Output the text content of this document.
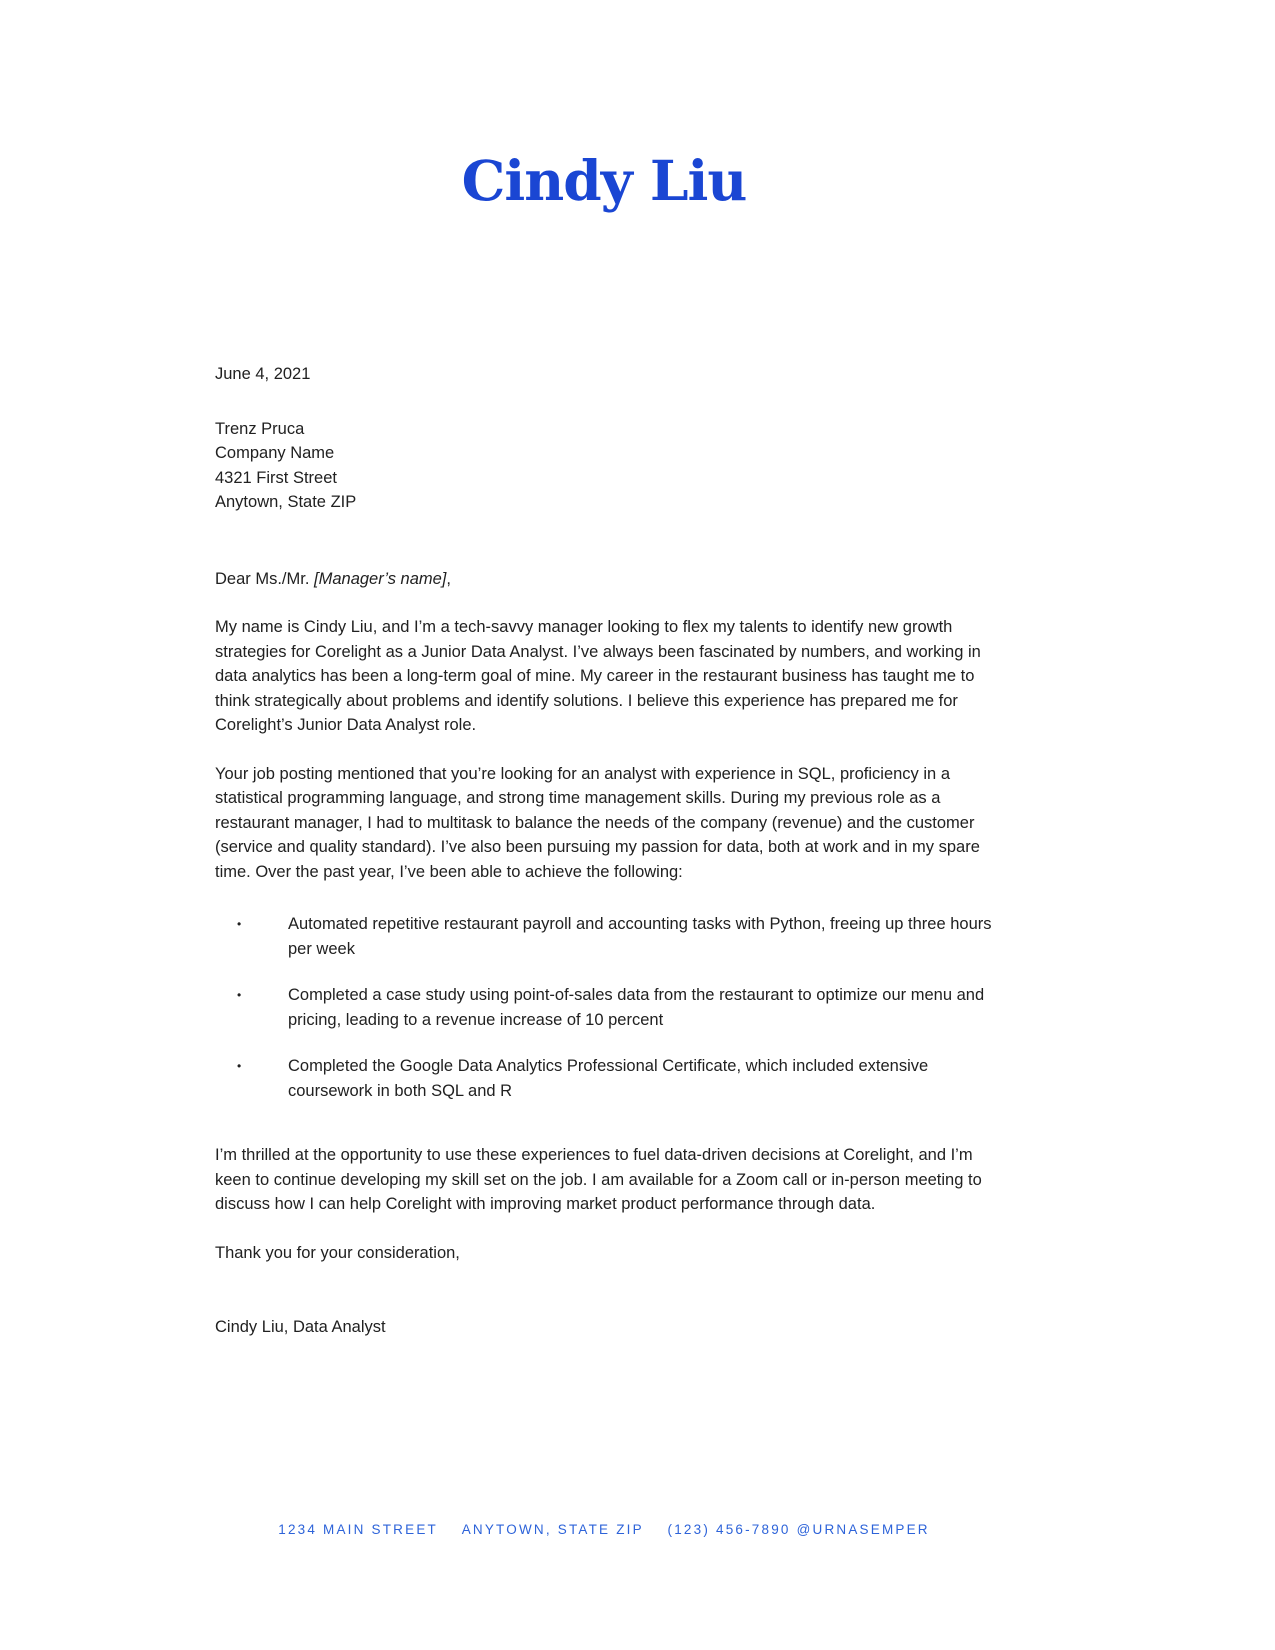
Cindy Liu

June 4, 2021

Trenz Pruca
Company Name
4321 First Street
Anytown, State ZIP

Dear Ms./Mr. [Manager’s name],

My name is Cindy Liu, and I’m a tech-savvy manager looking to flex my talents to identify new growth strategies for Corelight as a Junior Data Analyst. I’ve always been fascinated by numbers, and working in data analytics has been a long-term goal of mine. My career in the restaurant business has taught me to think strategically about problems and identify solutions. I believe this experience has prepared me for Corelight’s Junior Data Analyst role.

Your job posting mentioned that you’re looking for an analyst with experience in SQL, proficiency in a statistical programming language, and strong time management skills. During my previous role as a restaurant manager, I had to multitask to balance the needs of the company (revenue) and the customer (service and quality standard). I’ve also been pursuing my passion for data, both at work and in my spare time. Over the past year, I’ve been able to achieve the following:

•	Automated repetitive restaurant payroll and accounting tasks with Python, freeing up three hours per week
•	Completed a case study using point-of-sales data from the restaurant to optimize our menu and pricing, leading to a revenue increase of 10 percent
•	Completed the Google Data Analytics Professional Certificate, which included extensive coursework in both SQL and R

I’m thrilled at the opportunity to use these experiences to fuel data-driven decisions at Corelight, and I’m keen to continue developing my skill set on the job. I am available for a Zoom call or in-person meeting to discuss how I can help Corelight with improving market product performance through data.

Thank you for your consideration,

Cindy Liu, Data Analyst

1234 MAIN STREET ANYTOWN, STATE ZIP (123) 456-7890 @URNASEMPER
